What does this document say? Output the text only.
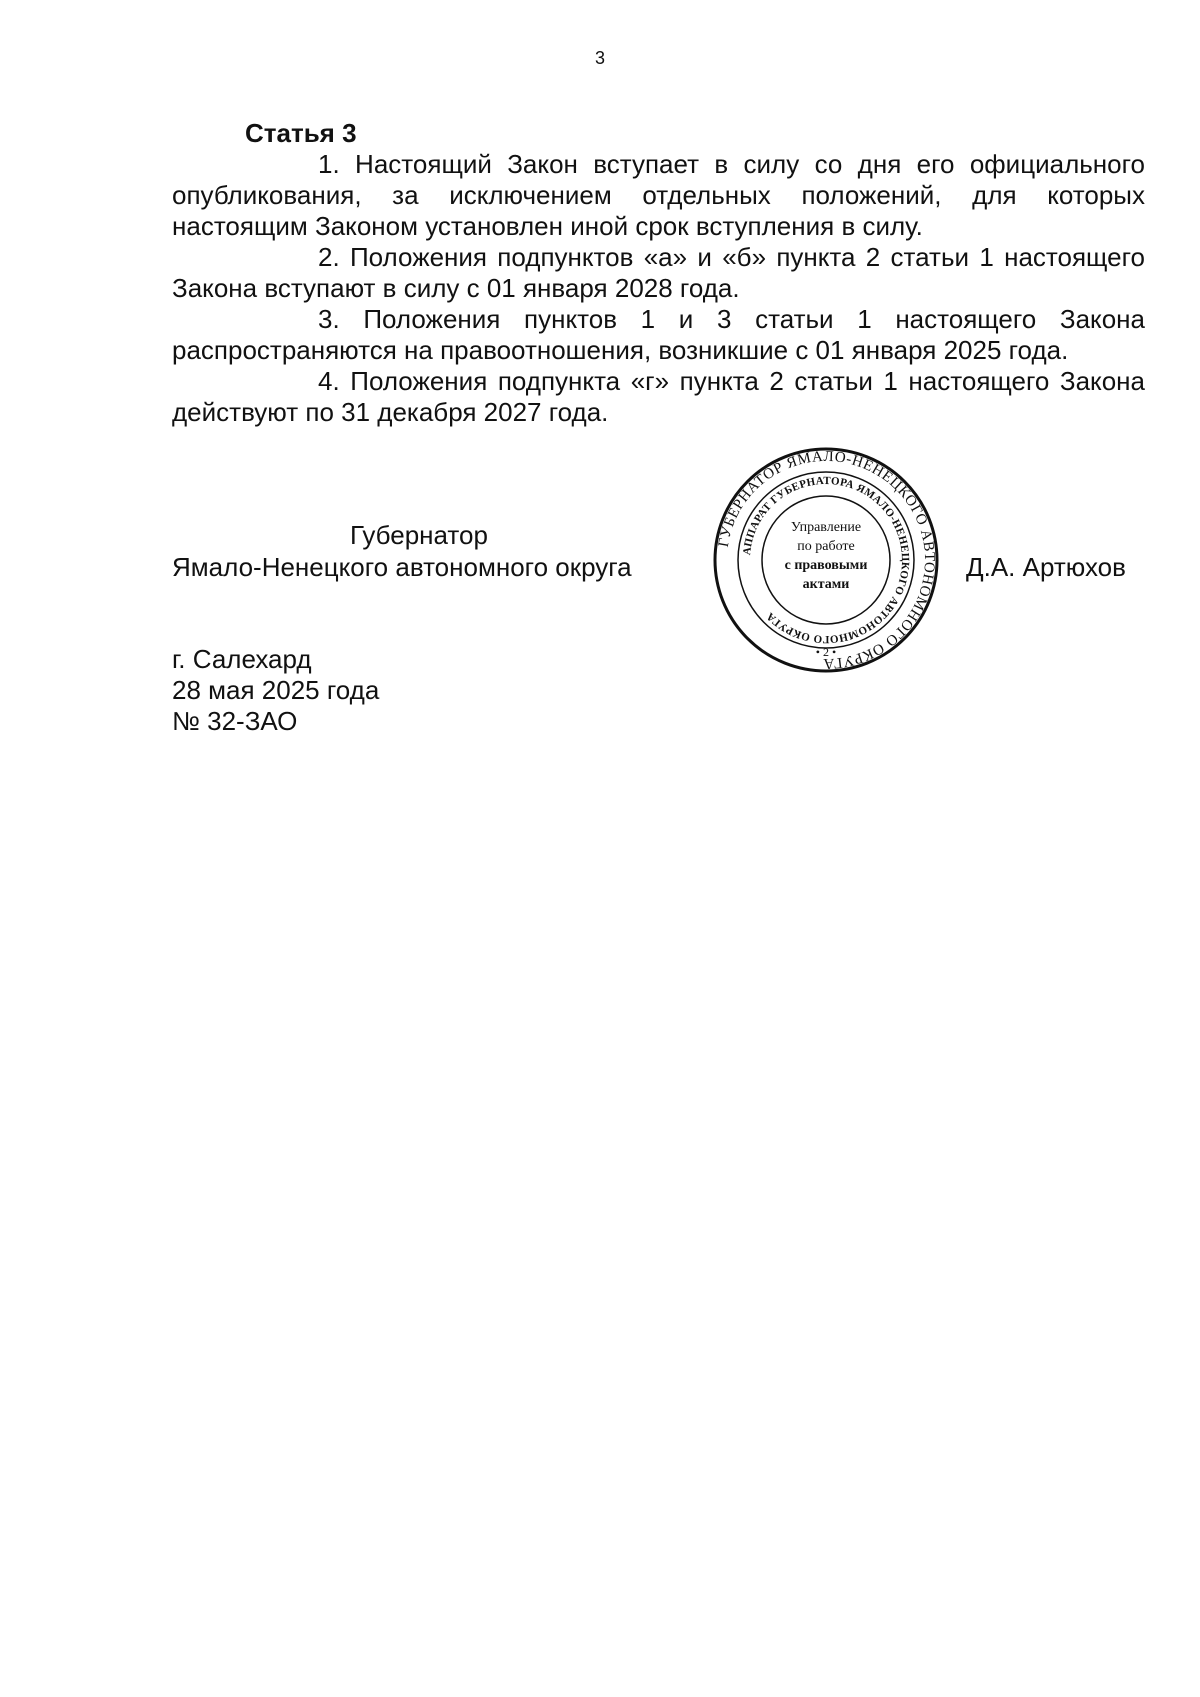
3

Статья 3

1. Настоящий Закон вступает в силу со дня его официального опубликования, за исключением отдельных положений, для которых настоящим Законом установлен иной срок вступления в силу.

2. Положения подпунктов «а» и «б» пункта 2 статьи 1 настоящего Закона вступают в силу с 01 января 2028 года.

3. Положения пунктов 1 и 3 статьи 1 настоящего Закона распространяются на правоотношения, возникшие с 01 января 2025 года.

4. Положения подпункта «г» пункта 2 статьи 1 настоящего Закона действуют по 31 декабря 2027 года.

Губернатор
Ямало-Ненецкого автономного округа	Д.А. Артюхов
ГУБЕРНАТОР ЯМАЛО-НЕНЕЦКОГО АВТОНОМНОГО ОКРУГА
АППАРАТ ГУБЕРНАТОРА ЯМАЛО-НЕНЕЦКОГО АВТОНОМНОГО ОКРУГА
Управление
по работе
с правовыми
актами
• 2 •
г. Салехард
28 мая 2025 года
№ 32-ЗАО
